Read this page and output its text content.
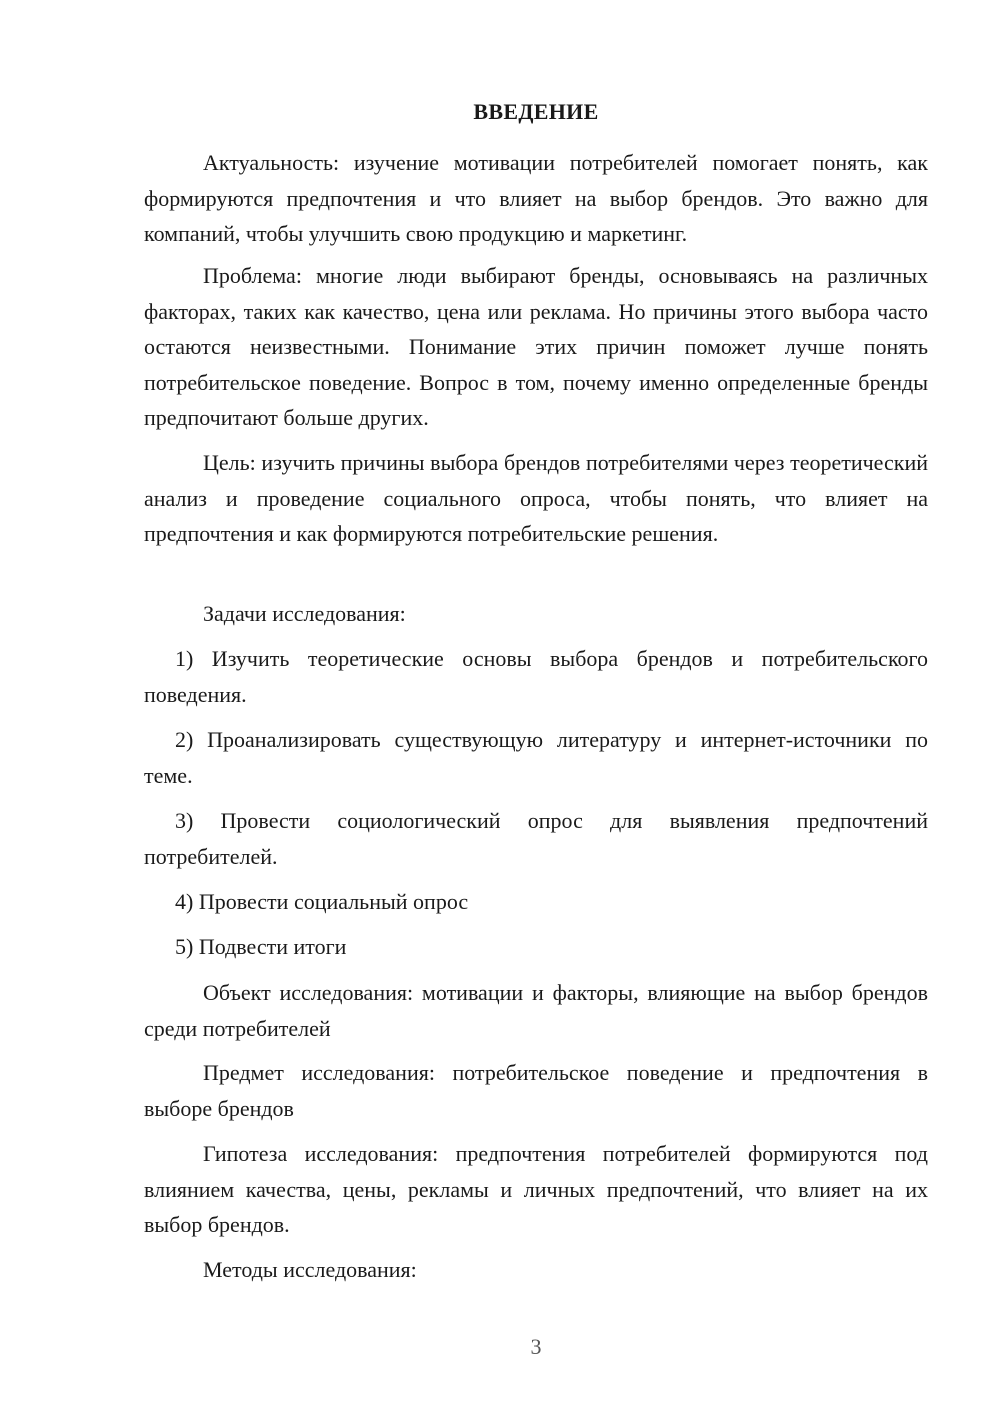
ВВЕДЕНИЕ

Актуальность: изучение мотивации потребителей помогает понять, как формируются предпочтения и что влияет на выбор брендов. Это важно для компаний, чтобы улучшить свою продукцию и маркетинг.

Проблема: многие люди выбирают бренды, основываясь на различных факторах, таких как качество, цена или реклама. Но причины этого выбора часто остаются неизвестными. Понимание этих причин поможет лучше понять потребительское поведение. Вопрос в том, почему именно определенные бренды предпочитают больше других.

Цель: изучить причины выбора брендов потребителями через теоретический анализ и проведение социального опроса, чтобы понять, что влияет на предпочтения и как формируются потребительские решения.

Задачи исследования:

1) Изучить теоретические основы выбора брендов и потребительского поведения.

2) Проанализировать существующую литературу и интернет-источники по теме.

3) Провести социологический опрос для выявления предпочтений потребителей.

4) Провести социальный опрос

5) Подвести итоги

Объект исследования: мотивации и факторы, влияющие на выбор брендов среди потребителей

Предмет исследования: потребительское поведение и предпочтения в выборе брендов

Гипотеза исследования: предпочтения потребителей формируются под влиянием качества, цены, рекламы и личных предпочтений, что влияет на их выбор брендов.

Методы исследования:

3
